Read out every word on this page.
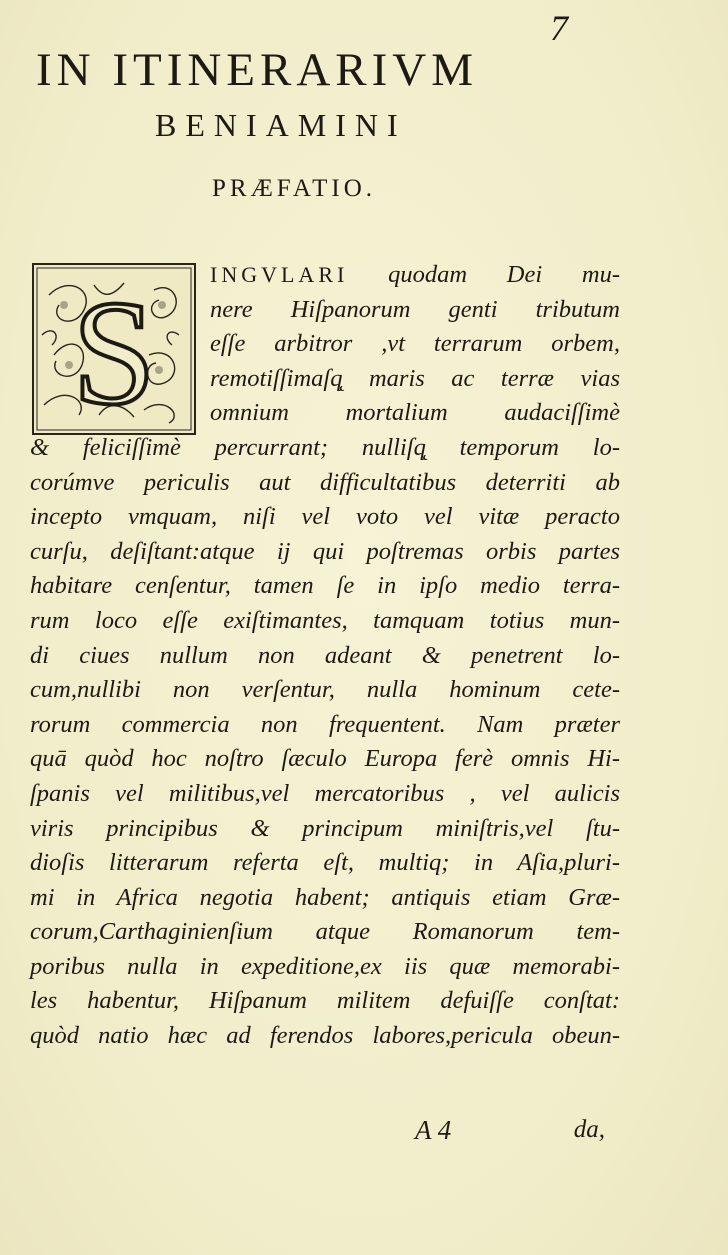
7
IN ITINERARIVM
BENIAMINI
PRÆFATIO.
S	INGVLARI quodam Dei mu-
nere Hiſpanorum genti tributum
eſſe arbitror ,vt terrarum orbem,
remotiſſimaſq̨ maris ac terræ vias
omnium mortalium audaciſſimè
& feliciſſimè percurrant; nulliſq̨ temporum lo-
corúmve periculis aut difficultatibus deterriti ab
incepto vmquam, niſi vel voto vel vitæ peracto
curſu, deſiſtant:atque ij qui poſtremas orbis partes
habitare cenſentur, tamen ſe in ipſo medio terra-
rum loco eſſe exiſtimantes, tamquam totius mun-
di ciues nullum non adeant & penetrent lo-
cum,nullibi non verſentur, nulla hominum cete-
rorum commercia non frequentent. Nam præter
quā quòd hoc noſtro ſæculo Europa ferè omnis Hi-
ſpanis vel militibus,vel mercatoribus , vel aulicis
viris principibus & principum miniſtris,vel ſtu-
dioſis litterarum referta eſt, multiq; in Aſia,pluri-
mi in Africa negotia habent; antiquis etiam Græ-
corum,Carthaginienſium atque Romanorum tem-
poribus nulla in expeditione,ex iis quæ memorabi-
les habentur, Hiſpanum militem defuiſſe conſtat:
quòd natio hæc ad ferendos labores,pericula obeun-
A 4	da,
